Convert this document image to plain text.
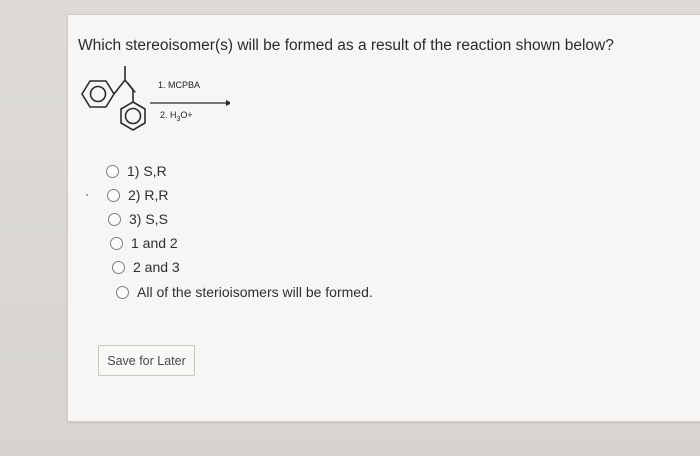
Which stereoisomer(s) will be formed as a result of the reaction shown below?
1. MCPBA
2. $H_3O+$
1) S,R
2) R,R
3) S,S
1 and 2
2 and 3
All of the sterioisomers will be formed.
Save for Later
